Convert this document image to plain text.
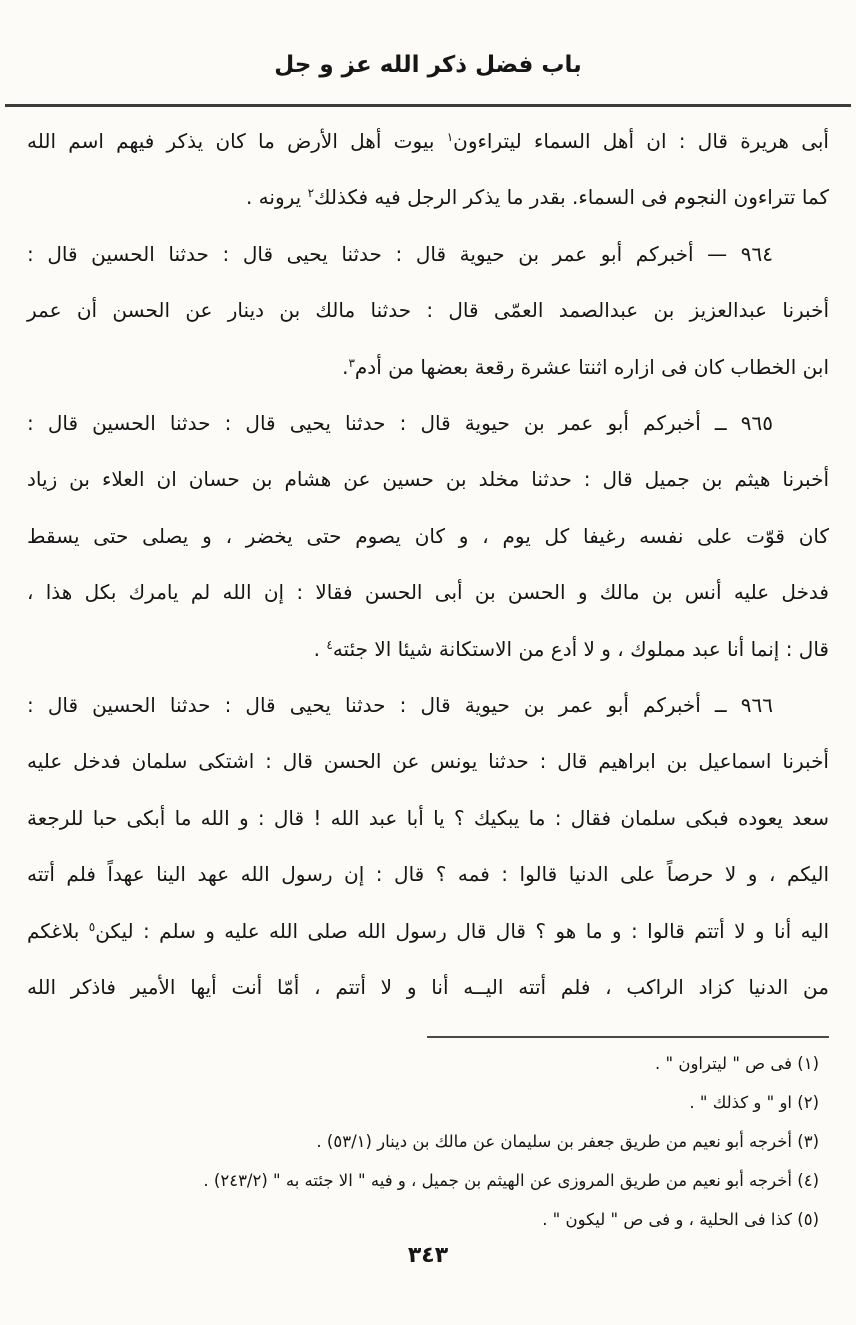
باب فضل ذكر الله عز و جل
أبى هريرة قال : ان أهل السماء ليتراءون$^١$ بيوت أهل الأرض ما كان يذكر فيهم اسم الله
كما تتراءون النجوم فى السماء. بقدر ما يذكر الرجل فيه فكذلك$^٢$ يرونه .
٩٦٤ — أخبركم أبو عمر بن حيوية قال : حدثنا يحيى قال : حدثنا الحسين قال :
أخبرنا عبدالعزيز بن عبدالصمد العمّى قال : حدثنا مالك بن دينار عن الحسن أن عمر
ابن الخطاب كان فى ازاره اثنتا عشرة رقعة بعضها من أدم$^٣$.
٩٦٥ ــ أخبركم أبو عمر بن حيوية قال : حدثنا يحيى قال : حدثنا الحسين قال :
أخبرنا هيثم بن جميل قال : حدثنا مخلد بن حسين عن هشام بن حسان ان العلاء بن زياد
كان قوّت على نفسه رغيفا كل يوم ، و كان يصوم حتى يخضر ، و يصلى حتى يسقط
فدخل عليه أنس بن مالك و الحسن بن أبى الحسن فقالا : إن الله لم يامرك بكل هذا ،
قال : إنما أنا عبد مملوك ، و لا أدع من الاستكانة شيئا الا جئته$^٤$ .
٩٦٦ ــ أخبركم أبو عمر بن حيوية قال : حدثنا يحيى قال : حدثنا الحسين قال :
أخبرنا اسماعيل بن ابراهيم قال : حدثنا يونس عن الحسن قال : اشتكى سلمان فدخل عليه
سعد يعوده فبكى سلمان فقال : ما يبكيك ؟ يا أبا عبد الله ! قال : و الله ما أبكى حبا للرجعة
اليكم ، و لا حرصاً على الدنيا قالوا : فمه ؟ قال : إن رسول الله عهد الينا عهداً فلم أتته
اليه أنا و لا أتتم قالوا : و ما هو ؟ قال قال رسول الله صلى الله عليه و سلم : ليكن$^٥$ بلاغكم
من الدنيا كزاد الراكب ، فلم أتته اليــه أنا و لا أتتم ، أمّا أنت أيها الأمير فاذكر الله
(١) فى ص " ليتراون " .
(٢) او " و كذلك " .
(٣) أخرجه أبو نعيم من طريق جعفر بن سليمان عن مالك بن دينار (٥٣/١) .
(٤) أخرجه أبو نعيم من طريق المروزى عن الهيثم بن جميل ، و فيه " الا جئته به " (٢٤٣/٢) .
(٥) كذا فى الحلية ، و فى ص " ليكون " .
٣٤٣
